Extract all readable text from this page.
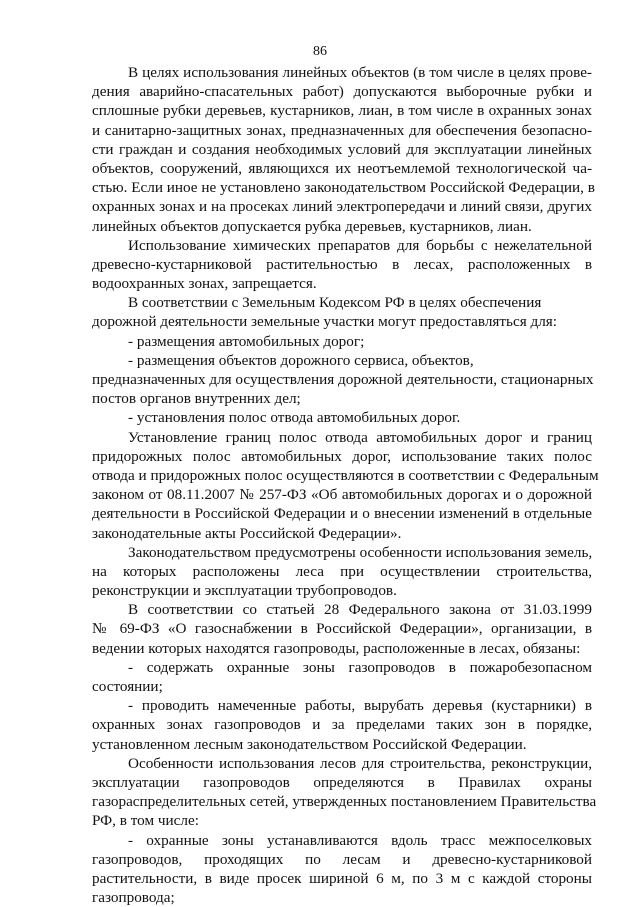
86
В целях использования линейных объектов (в том числе в целях прове-
дения аварийно-спасательных работ) допускаются выборочные рубки и
сплошные рубки деревьев, кустарников, лиан, в том числе в охранных зонах
и санитарно-защитных зонах, предназначенных для обеспечения безопасно-
сти граждан и создания необходимых условий для эксплуатации линейных
объектов, сооружений, являющихся их неотъемлемой технологической ча-
стью. Если иное не установлено законодательством Российской Федерации, в
охранных зонах и на просеках линий электропередачи и линий связи, других
линейных объектов допускается рубка деревьев, кустарников, лиан.
Использование химических препаратов для борьбы с нежелательной
древесно-кустарниковой растительностью в лесах, расположенных в
водоохранных зонах, запрещается.
В соответствии с Земельным Кодексом РФ в целях обеспечения
дорожной деятельности земельные участки могут предоставляться для:
- размещения автомобильных дорог;
- размещения объектов дорожного сервиса, объектов,
предназначенных для осуществления дорожной деятельности, стационарных
постов органов внутренних дел;
- установления полос отвода автомобильных дорог.
Установление границ полос отвода автомобильных дорог и границ
придорожных полос автомобильных дорог, использование таких полос
отвода и придорожных полос осуществляются в соответствии с Федеральным
законом от 08.11.2007 № 257-ФЗ «Об автомобильных дорогах и о дорожной
деятельности в Российской Федерации и о внесении изменений в отдельные
законодательные акты Российской Федерации».
Законодательством предусмотрены особенности использования земель,
на которых расположены леса при осуществлении строительства,
реконструкции и эксплуатации трубопроводов.
В соответствии со статьей 28 Федерального закона от 31.03.1999
№ 69-ФЗ «О газоснабжении в Российской Федерации», организации, в
ведении которых находятся газопроводы, расположенные в лесах, обязаны:
- содержать охранные зоны газопроводов в пожаробезопасном
состоянии;
- проводить намеченные работы, вырубать деревья (кустарники) в
охранных зонах газопроводов и за пределами таких зон в порядке,
установленном лесным законодательством Российской Федерации.
Особенности использования лесов для строительства, реконструкции,
эксплуатации газопроводов определяются в Правилах охраны
газораспределительных сетей, утвержденных постановлением Правительства
РФ, в том числе:
- охранные зоны устанавливаются вдоль трасс межпоселковых
газопроводов, проходящих по лесам и древесно-кустарниковой
растительности, в виде просек шириной 6 м, по 3 м с каждой стороны
газопровода;
